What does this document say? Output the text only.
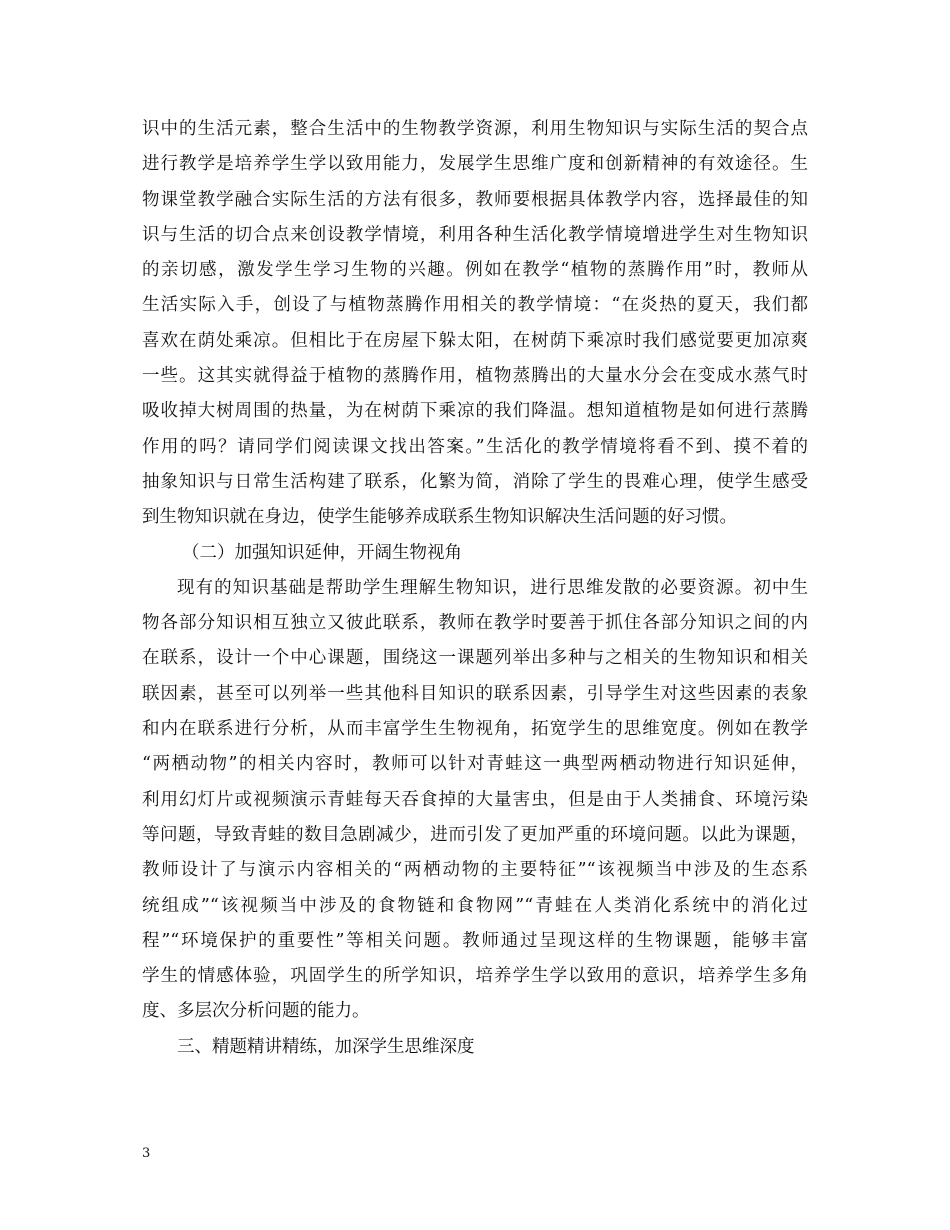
识中的生活元素，整合生活中的生物教学资源，利用生物知识与实际生活的契合点
进行教学是培养学生学以致用能力，发展学生思维广度和创新精神的有效途径。生
物课堂教学融合实际生活的方法有很多，教师要根据具体教学内容，选择最佳的知
识与生活的切合点来创设教学情境，利用各种生活化教学情境增进学生对生物知识
的亲切感，激发学生学习生物的兴趣。例如在教学“植物的蒸腾作用”时，教师从
生活实际入手，创设了与植物蒸腾作用相关的教学情境：“在炎热的夏天，我们都
喜欢在荫处乘凉。但相比于在房屋下躲太阳，在树荫下乘凉时我们感觉要更加凉爽
一些。这其实就得益于植物的蒸腾作用，植物蒸腾出的大量水分会在变成水蒸气时
吸收掉大树周围的热量，为在树荫下乘凉的我们降温。想知道植物是如何进行蒸腾
作用的吗？请同学们阅读课文找出答案。”生活化的教学情境将看不到、摸不着的
抽象知识与日常生活构建了联系，化繁为简，消除了学生的畏难心理，使学生感受
到生物知识就在身边，使学生能够养成联系生物知识解决生活问题的好习惯。
（二）加强知识延伸，开阔生物视角
现有的知识基础是帮助学生理解生物知识，进行思维发散的必要资源。初中生
物各部分知识相互独立又彼此联系，教师在教学时要善于抓住各部分知识之间的内
在联系，设计一个中心课题，围绕这一课题列举出多种与之相关的生物知识和相关
联因素，甚至可以列举一些其他科目知识的联系因素，引导学生对这些因素的表象
和内在联系进行分析，从而丰富学生生物视角，拓宽学生的思维宽度。例如在教学
“两栖动物”的相关内容时，教师可以针对青蛙这一典型两栖动物进行知识延伸，
利用幻灯片或视频演示青蛙每天吞食掉的大量害虫，但是由于人类捕食、环境污染
等问题，导致青蛙的数目急剧减少，进而引发了更加严重的环境问题。以此为课题，
教师设计了与演示内容相关的“两栖动物的主要特征”“该视频当中涉及的生态系
统组成”“该视频当中涉及的食物链和食物网”“青蛙在人类消化系统中的消化过
程”“环境保护的重要性”等相关问题。教师通过呈现这样的生物课题，能够丰富
学生的情感体验，巩固学生的所学知识，培养学生学以致用的意识，培养学生多角
度、多层次分析问题的能力。
三、精题精讲精练，加深学生思维深度
3
